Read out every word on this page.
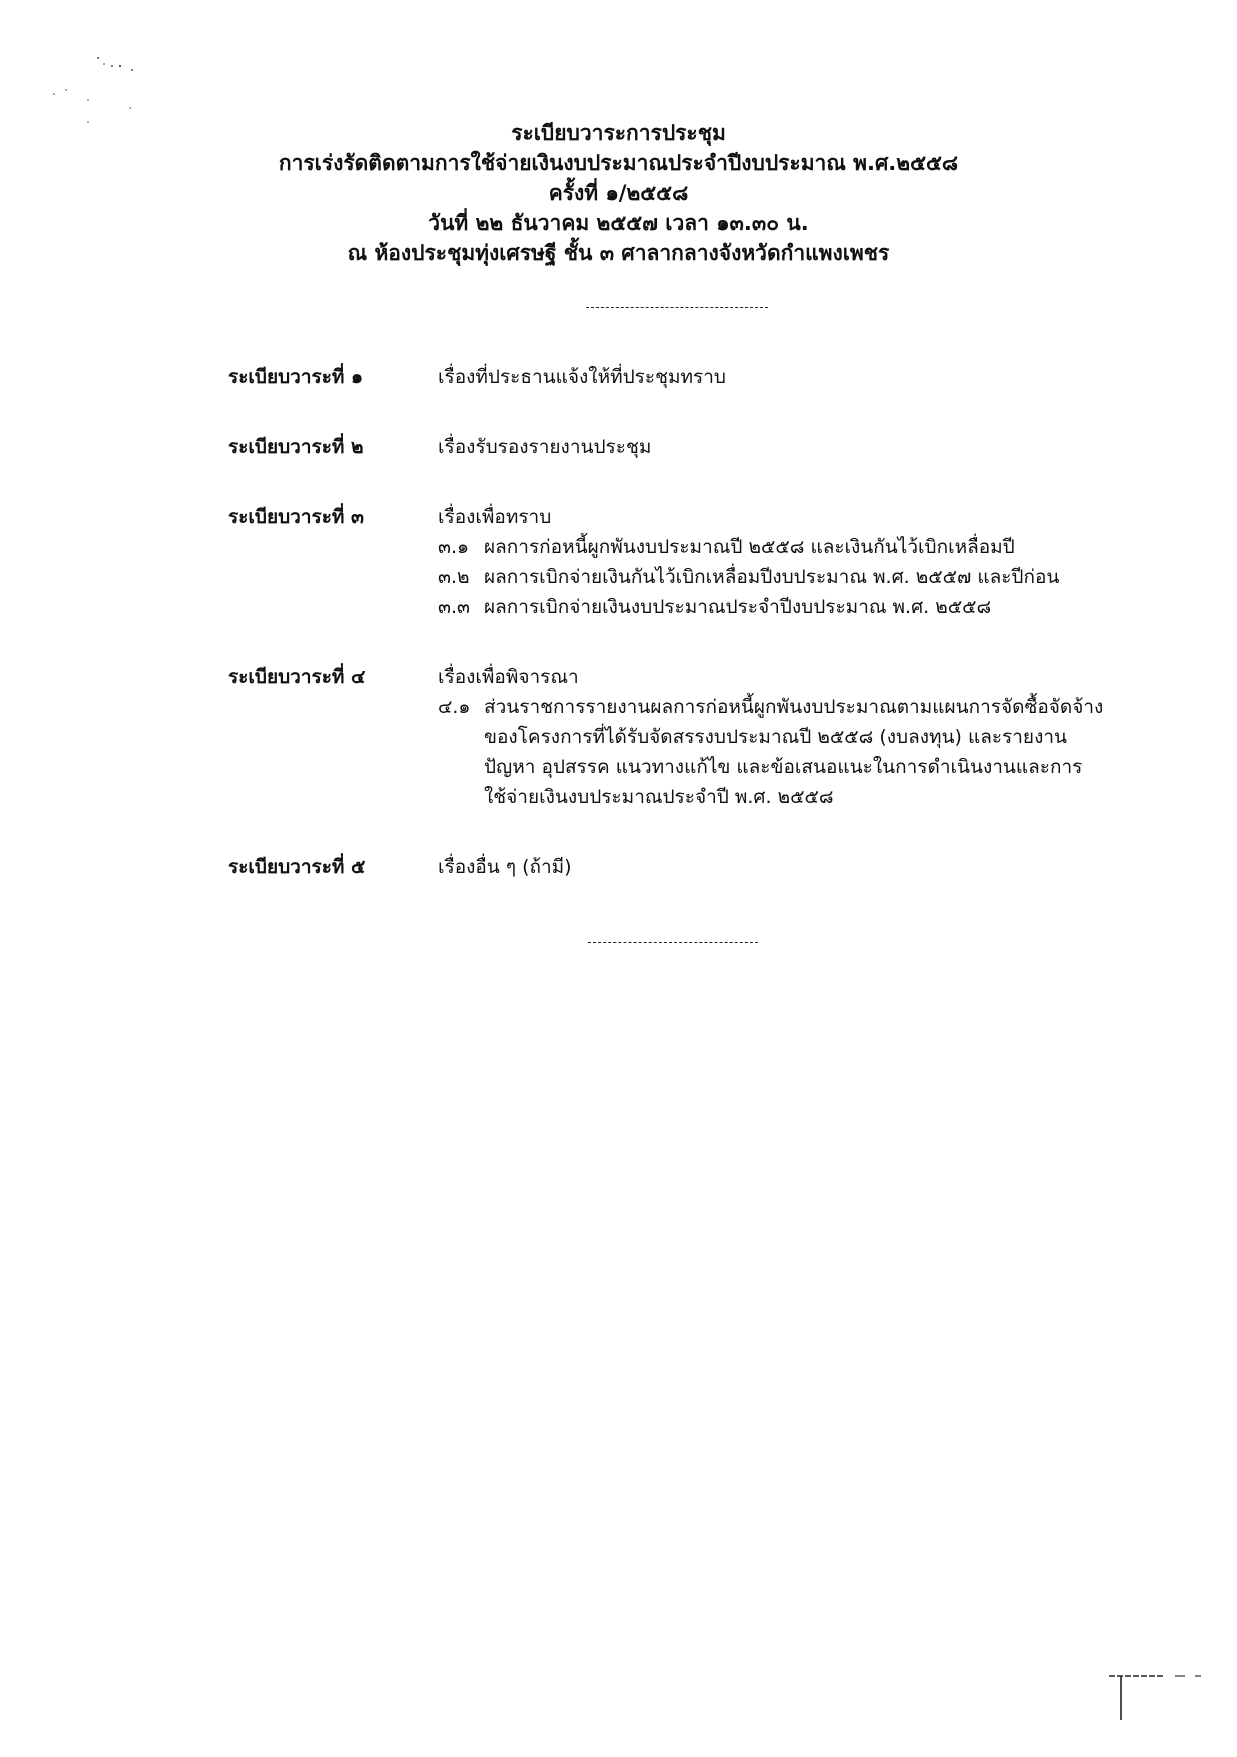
ระเบียบวาระการประชุม
การเร่งรัดติดตามการใช้จ่ายเงินงบประมาณประจำปีงบประมาณ พ.ศ.๒๕๕๘
ครั้งที่ ๑/๒๕๕๘
วันที่ ๒๒ ธันวาคม ๒๕๕๗ เวลา ๑๓.๓๐ น.
ณ ห้องประชุมทุ่งเศรษฐี ชั้น ๓ ศาลากลางจังหวัดกำแพงเพชร
ระเบียบวาระที่ ๑	เรื่องที่ประธานแจ้งให้ที่ประชุมทราบ
ระเบียบวาระที่ ๒	เรื่องรับรองรายงานประชุม
ระเบียบวาระที่ ๓	เรื่องเพื่อทราบ
๓.๑ ผลการก่อหนี้ผูกพันงบประมาณปี ๒๕๕๘ และเงินกันไว้เบิกเหลื่อมปี
๓.๒ ผลการเบิกจ่ายเงินกันไว้เบิกเหลื่อมปีงบประมาณ พ.ศ. ๒๕๕๗ และปีก่อน
๓.๓ ผลการเบิกจ่ายเงินงบประมาณประจำปีงบประมาณ พ.ศ. ๒๕๕๘
ระเบียบวาระที่ ๔	เรื่องเพื่อพิจารณา
๔.๑ ส่วนราชการรายงานผลการก่อหนี้ผูกพันงบประมาณตามแผนการจัดซื้อจัดจ้าง
ของโครงการที่ได้รับจัดสรรงบประมาณปี ๒๕๕๘ (งบลงทุน) และรายงาน
ปัญหา อุปสรรค แนวทางแก้ไข และข้อเสนอแนะในการดำเนินงานและการ
ใช้จ่ายเงินงบประมาณประจำปี พ.ศ. ๒๕๕๘
ระเบียบวาระที่ ๕	เรื่องอื่น ๆ (ถ้ามี)
